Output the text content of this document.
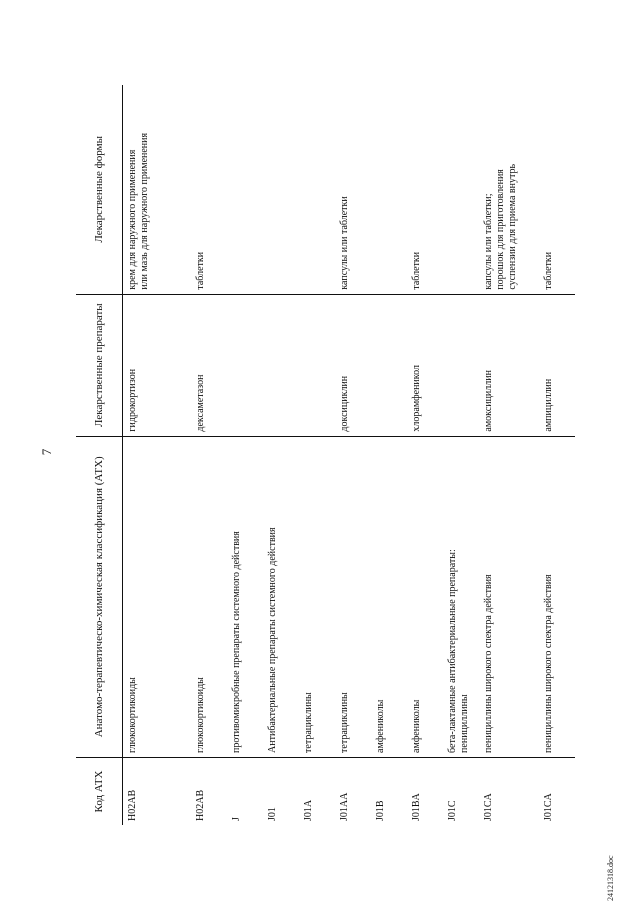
7
Код АТХ	Анатомо-терапевтическо-химическая классификация (АТХ)	Лекарственные препараты	Лекарственные формы
H02AB	глюкокортикоиды	гидрокортизон	крем для наружного применения
или мазь для наружного применения
H02AB	глюкокортикоиды	дексаметазон	таблетки
J	противомикробные препараты системного действия		
J01	Антибактериальные препараты системного действия		
J01A	тетрациклины		
J01AA	тетрациклины	доксициклин	капсулы или таблетки
J01B	амфениколы		
J01BA	амфениколы	хлорамфеникол	таблетки
J01C	бета-лактамные антибактериальные препараты:
пенициллины		
J01CA	пенициллины широкого спектра действия	амоксициллин	капсулы или таблетки;
порошок для приготовления
суспензии для приема внутрь
J01CA	пенициллины широкого спектра действия	ампициллин	таблетки
24121318.doc
